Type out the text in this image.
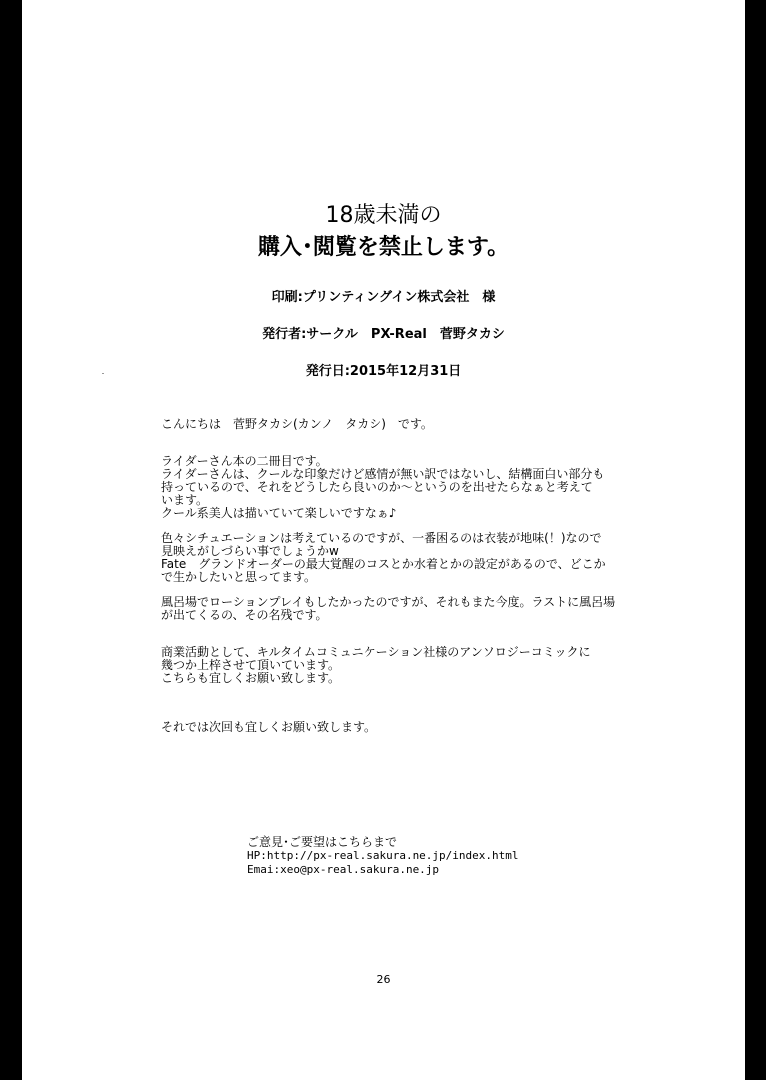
18歳未満の
購入･閲覧を禁止します。
印刷:プリンティングイン株式会社　様
発行者:サークル　PX-Real　菅野タカシ
発行日:2015年12月31日

こんにちは　菅野タカシ(カンノ　タカシ)　です。

ライダーさん本の二冊目です。
ライダーさんは、クールな印象だけど感情が無い訳ではないし、結構面白い部分も
持っているので、それをどうしたら良いのか～というのを出せたらなぁと考えて
います。
クール系美人は描いていて楽しいですなぁ♪

色々シチュエーションは考えているのですが、一番困るのは衣装が地味(！)なので
見映えがしづらい事でしょうかw
Fate　グランドオーダーの最大覚醒のコスとか水着とかの設定があるので、どこか
で生かしたいと思ってます。

風呂場でローションプレイもしたかったのですが、それもまた今度。ラストに風呂場
が出てくるの、その名残です。

商業活動として、キルタイムコミュニケーション社様のアンソロジーコミックに
幾つか上梓させて頂いています。
こちらも宜しくお願い致します。

それでは次回も宜しくお願い致します。

ご意見･ご要望はこちらまで
HP:http://px-real.sakura.ne.jp/index.html
Emai:xeo@px-real.sakura.ne.jp
26
